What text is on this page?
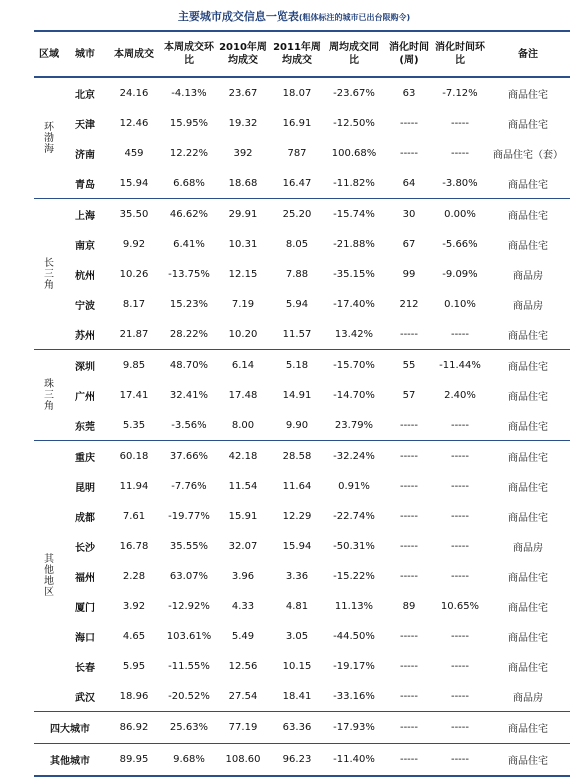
主要城市成交信息一览表(粗体标注的城市已出台限购令)
区域	城市	本周成交	本周成交环比	2010年周均成交	2011年周均成交	周均成交同比	消化时间(周)	消化时间环比	备注
环渤海	北京	24.16	-4.13%	23.67	18.07	-23.67%	63	-7.12%	商品住宅
	天津	12.46	15.95%	19.32	16.91	-12.50%	-----	-----	商品住宅
	济南	459	12.22%	392	787	100.68%	-----	-----	商品住宅（套）
	青岛	15.94	6.68%	18.68	16.47	-11.82%	64	-3.80%	商品住宅
长三角	上海	35.50	46.62%	29.91	25.20	-15.74%	30	0.00%	商品住宅
	南京	9.92	6.41%	10.31	8.05	-21.88%	67	-5.66%	商品住宅
	杭州	10.26	-13.75%	12.15	7.88	-35.15%	99	-9.09%	商品房
	宁波	8.17	15.23%	7.19	5.94	-17.40%	212	0.10%	商品房
	苏州	21.87	28.22%	10.20	11.57	13.42%	-----	-----	商品住宅
珠三角	深圳	9.85	48.70%	6.14	5.18	-15.70%	55	-11.44%	商品住宅
	广州	17.41	32.41%	17.48	14.91	-14.70%	57	2.40%	商品住宅
	东莞	5.35	-3.56%	8.00	9.90	23.79%	-----	-----	商品住宅
其他地区	重庆	60.18	37.66%	42.18	28.58	-32.24%	-----	-----	商品住宅
	昆明	11.94	-7.76%	11.54	11.64	0.91%	-----	-----	商品住宅
	成都	7.61	-19.77%	15.91	12.29	-22.74%	-----	-----	商品住宅
	长沙	16.78	35.55%	32.07	15.94	-50.31%	-----	-----	商品房
	福州	2.28	63.07%	3.96	3.36	-15.22%	-----	-----	商品住宅
	厦门	3.92	-12.92%	4.33	4.81	11.13%	89	10.65%	商品住宅
	海口	4.65	103.61%	5.49	3.05	-44.50%	-----	-----	商品住宅
	长春	5.95	-11.55%	12.56	10.15	-19.17%	-----	-----	商品住宅
	武汉	18.96	-20.52%	27.54	18.41	-33.16%	-----	-----	商品房
四大城市		86.92	25.63%	77.19	63.36	-17.93%	-----	-----	商品住宅
其他城市		89.95	9.68%	108.60	96.23	-11.40%	-----	-----	商品住宅
